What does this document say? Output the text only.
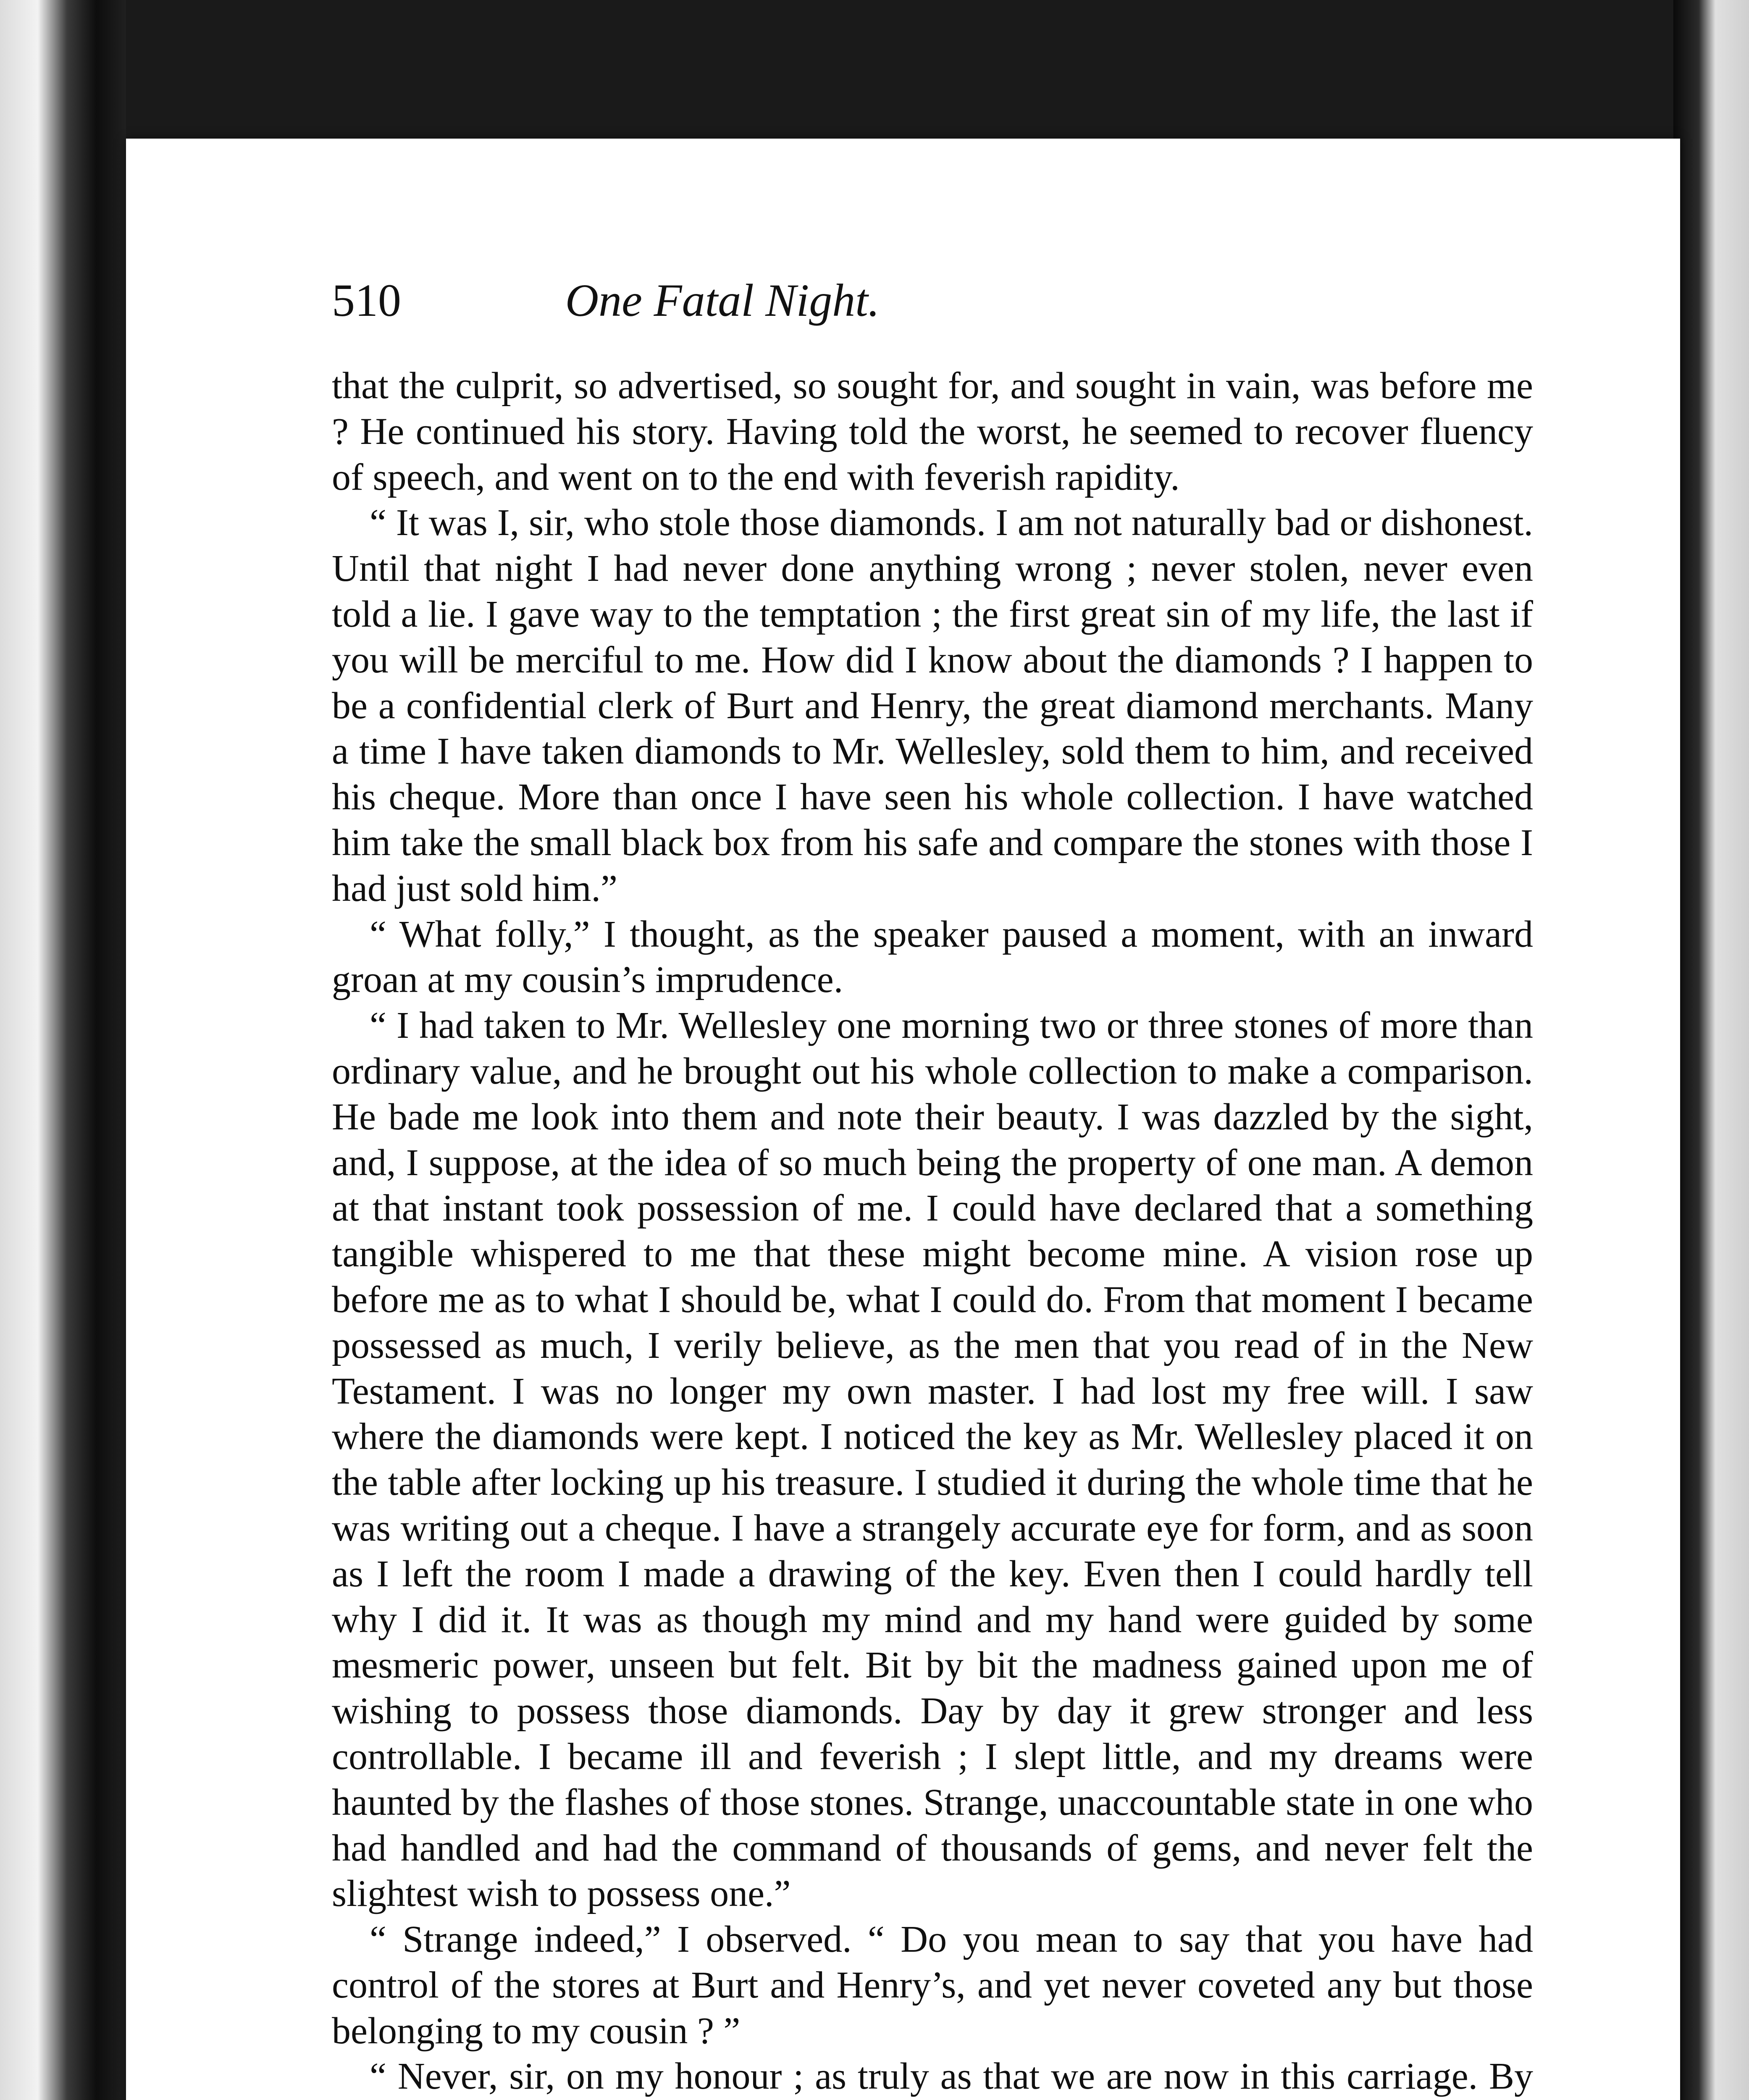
510	One Fatal Night.

that the culprit, so advertised, so sought for, and sought in vain, was before me ? He continued his story. Having told the worst, he seemed to recover fluency of speech, and went on to the end with feverish rapidity.

“ It was I, sir, who stole those diamonds. I am not naturally bad or dishonest. Until that night I had never done anything wrong ; never stolen, never even told a lie. I gave way to the temptation ; the first great sin of my life, the last if you will be merciful to me. How did I know about the diamonds ? I happen to be a confidential clerk of Burt and Henry, the great diamond merchants. Many a time I have taken diamonds to Mr. Wellesley, sold them to him, and received his cheque. More than once I have seen his whole collection. I have watched him take the small black box from his safe and compare the stones with those I had just sold him.”

“ What folly,” I thought, as the speaker paused a moment, with an inward groan at my cousin’s imprudence.

“ I had taken to Mr. Wellesley one morning two or three stones of more than ordinary value, and he brought out his whole collection to make a comparison. He bade me look into them and note their beauty. I was dazzled by the sight, and, I suppose, at the idea of so much being the property of one man. A demon at that instant took possession of me. I could have declared that a something tangible whispered to me that these might become mine. A vision rose up before me as to what I should be, what I could do. From that moment I became possessed as much, I verily believe, as the men that you read of in the New Testament. I was no longer my own master. I had lost my free will. I saw where the diamonds were kept. I noticed the key as Mr. Wellesley placed it on the table after locking up his treasure. I studied it during the whole time that he was writing out a cheque. I have a strangely accurate eye for form, and as soon as I left the room I made a drawing of the key. Even then I could hardly tell why I did it. It was as though my mind and my hand were guided by some mesmeric power, unseen but felt. Bit by bit the madness gained upon me of wishing to possess those diamonds. Day by day it grew stronger and less controllable. I became ill and feverish ; I slept little, and my dreams were haunted by the flashes of those stones. Strange, unaccountable state in one who had handled and had the command of thousands of gems, and never felt the slightest wish to possess one.”

“ Strange indeed,” I observed. “ Do you mean to say that you have had control of the stores at Burt and Henry’s, and yet never coveted any but those belonging to my cousin ? ”

“ Never, sir, on my honour ; as truly as that we are now in this carriage. By
